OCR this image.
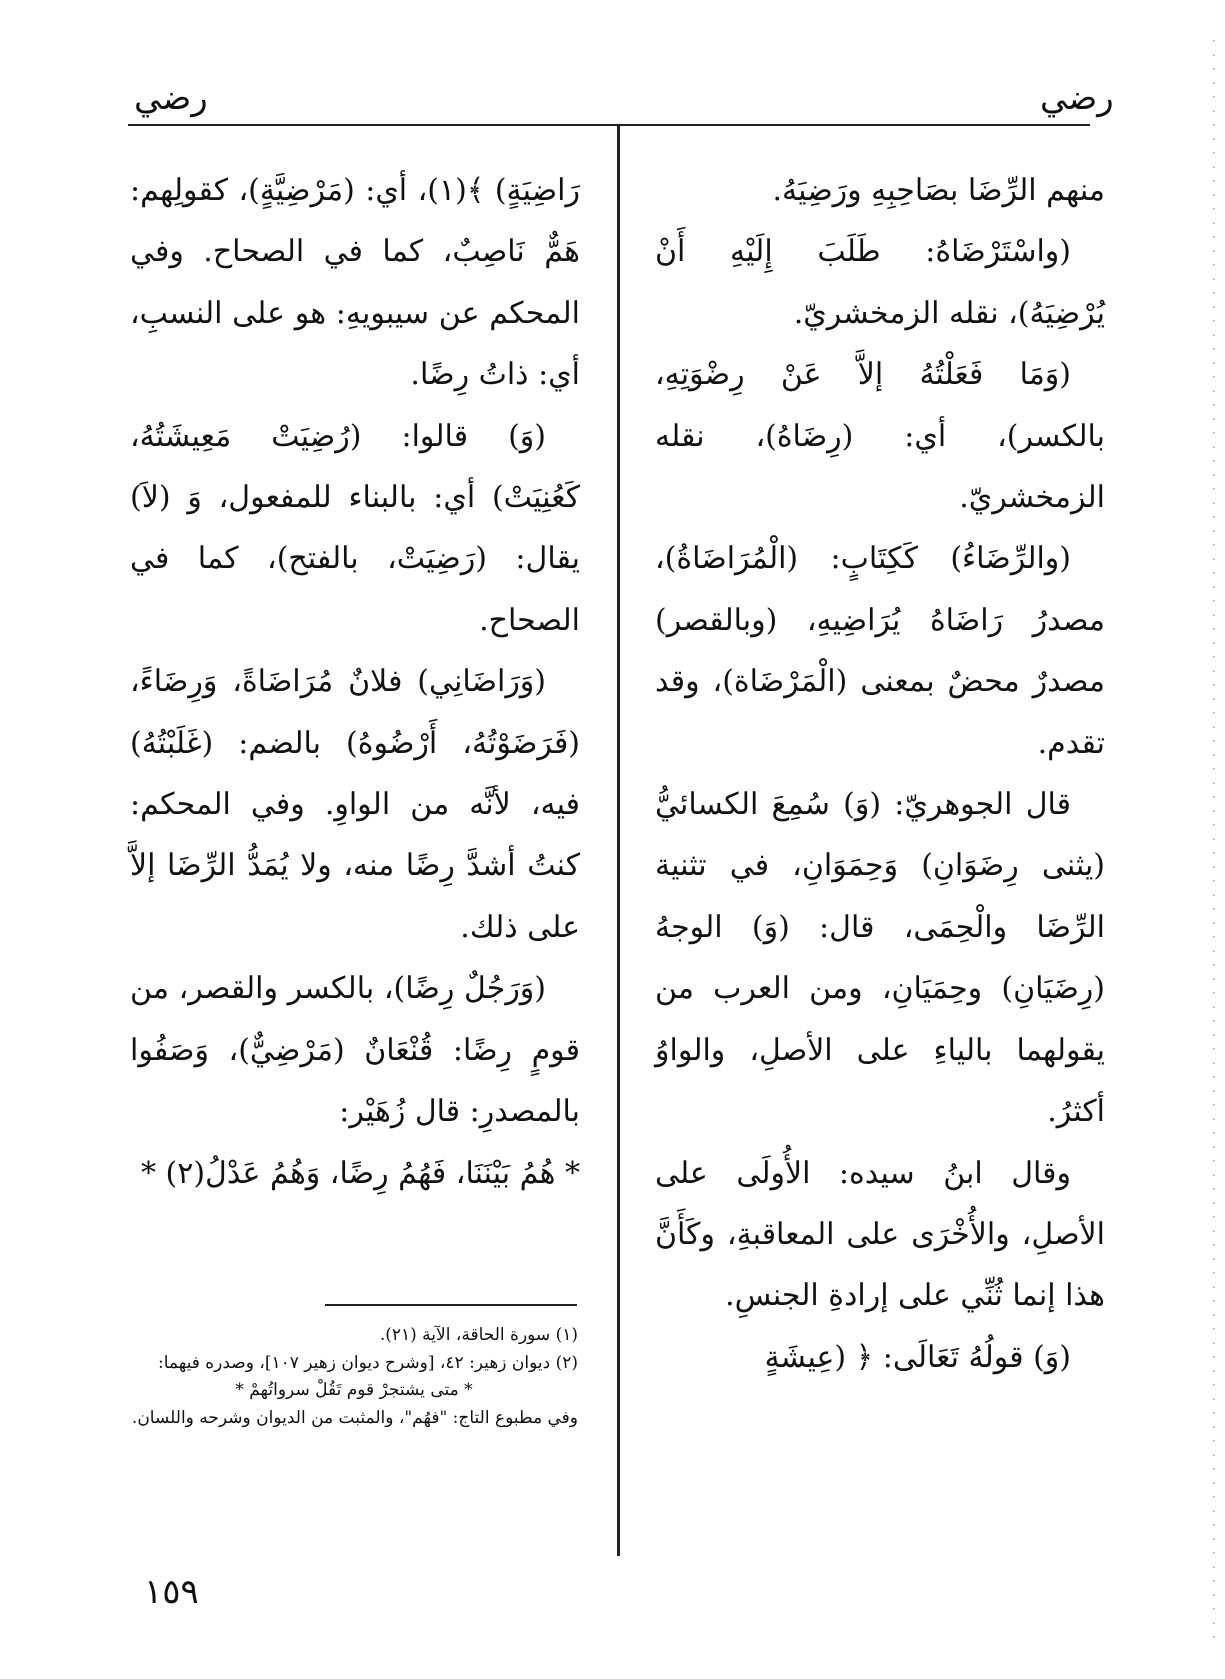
رضي
رضي

منهم الرِّضَا بصَاحِبِهِ ورَضِيَهُ.

(واسْتَرْضَاهُ: طَلَبَ إِلَيْهِ أَنْ يُرْضِيَهُ)، نقله الزمخشريّ.

(وَمَا فَعَلْتُهُ إلاَّ عَنْ رِضْوَتِهِ، بالكسر)، أي: (رِضَاهُ)، نقله الزمخشريّ.

(والرِّضَاءُ) كَكِتَابٍ: (الْمُرَاضَاةُ)، مصدرُ رَاضَاهُ يُرَاضِيهِ، (وبالقصر) مصدرٌ محضٌ بمعنى (الْمَرْضَاة)، وقد تقدم.

قال الجوهريّ: (وَ) سُمِعَ الكسائيُّ (يثنى رِضَوَانِ) وَحِمَوَانِ، في تثنية الرِّضَا والْحِمَى، قال: (وَ) الوجهُ (رِضَيَانِ) وحِمَيَانِ، ومن العرب من يقولهما بالياءِ على الأصلِ، والواوُ أكثرُ.

وقال ابنُ سيده: الأُولَى على الأصلِ، والأُخْرَى على المعاقبةِ، وكَأَنَّ هذا إنما ثُنِّي على إرادةِ الجنسِ.

(وَ) قولُهُ تَعَالَى: ﴿ (عِيشَةٍ

رَاضِيَةٍ) ﴾(١)، أي: (مَرْضِيَّةٍ)، كقولِهم: هَمٌّ نَاصِبٌ، كما في الصحاح. وفي المحكم عن سيبويهِ: هو على النسبِ، أي: ذاتُ رِضًا.

(وَ) قالوا: (رُضِيَتْ مَعِيشَتُهُ، كَعُنِيَتْ) أي: بالبناء للمفعول، وَ (لاَ) يقال: (رَضِيَتْ، بالفتح)، كما في الصحاح.

(وَرَاضَانِي) فلانٌ مُرَاضَاةً، وَرِضَاءً، (فَرَضَوْتُهُ، أَرْضُوهُ) بالضم: (غَلَبْتُهُ) فيه، لأنَّه من الواوِ. وفي المحكم: كنتُ أشدَّ رِضًا منه، ولا يُمَدُّ الرِّضَا إلاَّ على ذلك.

(وَرَجُلٌ رِضًا)، بالكسر والقصر، من قومٍ رِضًا: قُنْعَانٌ (مَرْضِيٌّ)، وَصَفُوا بالمصدرِ: قال زُهَيْر:

* هُمُ بَيْنَنَا، فَهُمُ رِضًا، وَهُمُ عَدْلُ(٢) *

(١) سورة الحاقة، الآية (٢١).

(٢) ديوان زهير: ٤٢، [وشرح ديوان زهير ١٠٧]، وصدره فيهما:

* متى يشتجرْ قوم تَقُلْ سرواتُهمْ *

وفي مطبوع التاج: "فهُم"، والمثبت من الديوان وشرحه واللسان.

١٥٩
